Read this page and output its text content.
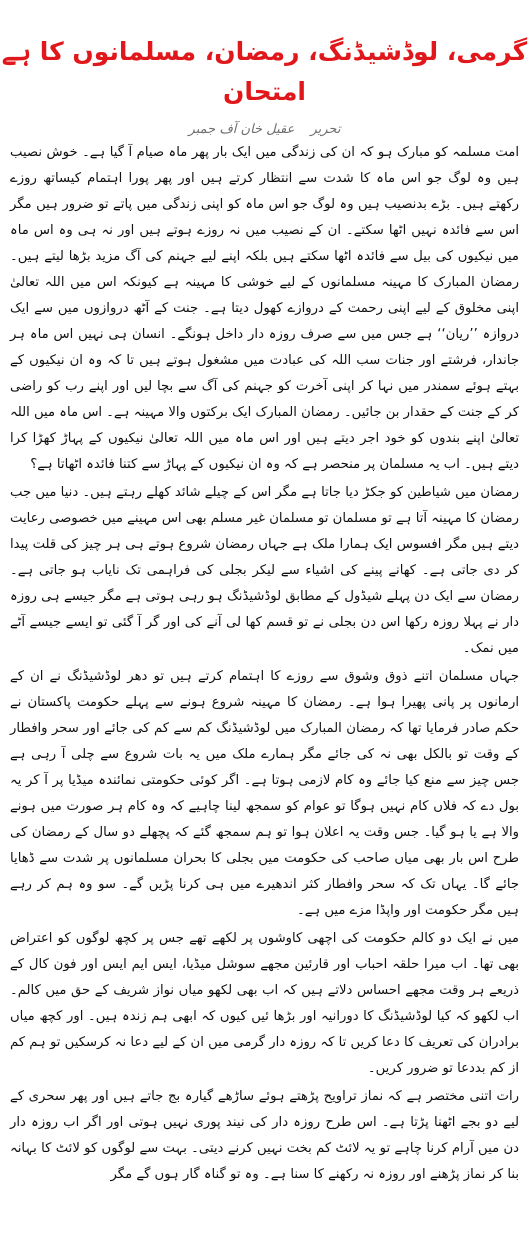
گرمی، لوڈشیڈنگ، رمضان، مسلمانوں کا ہے امتحان
تحریر عقیل خان آف جمبر

امت مسلمہ کو مبارک ہو کہ ان کی زندگی میں ایک بار پھر ماہ صیام آ گیا ہے۔ خوش نصیب ہیں وہ لوگ جو اس ماہ کا شدت سے انتظار کرتے ہیں اور پھر پورا اہتمام کیساتھ روزے رکھتے ہیں۔ بڑے بدنصیب ہیں وہ لوگ جو اس ماہ کو اپنی زندگی میں پاتے تو ضرور ہیں مگر اس سے فائدہ نہیں اٹھا سکتے۔ ان کے نصیب میں نہ روزے ہوتے ہیں اور نہ ہی وہ اس ماہ میں نیکیوں کی بیل سے فائدہ اٹھا سکتے ہیں بلکہ اپنے لیے جہنم کی آگ مزید بڑھا لیتے ہیں۔ رمضان المبارک کا مہینہ مسلمانوں کے لیے خوشی کا مہینہ ہے کیونکہ اس میں اللہ تعالیٰ اپنی مخلوق کے لیے اپنی رحمت کے دروازے کھول دیتا ہے۔ جنت کے آٹھ دروازوں میں سے ایک دروازہ ’’ریان‘‘ ہے جس میں سے صرف روزہ دار داخل ہونگے۔ انسان ہی نہیں اس ماہ ہر جاندار، فرشتے اور جنات سب اللہ کی عبادت میں مشغول ہوتے ہیں تا کہ وہ ان نیکیوں کے بہتے ہوئے سمندر میں نہا کر اپنی آخرت کو جہنم کی آگ سے بچا لیں اور اپنے رب کو راضی کر کے جنت کے حقدار بن جائیں۔ رمضان المبارک ایک برکتوں والا مہینہ ہے۔ اس ماہ میں اللہ تعالیٰ اپنے بندوں کو خود اجر دیتے ہیں اور اس ماہ میں اللہ تعالیٰ نیکیوں کے پہاڑ کھڑا کرا دیتے ہیں۔ اب یہ مسلمان پر منحصر ہے کہ وہ ان نیکیوں کے پہاڑ سے کتنا فائدہ اٹھاتا ہے؟

رمضان میں شیاطین کو جکڑ دیا جاتا ہے مگر اس کے چیلے شائد کھلے رہتے ہیں۔ دنیا میں جب رمضان کا مہینہ آتا ہے تو مسلمان تو مسلمان غیر مسلم بھی اس مہینے میں خصوصی رعایت دیتے ہیں مگر افسوس ایک ہمارا ملک ہے جہاں رمضان شروع ہوتے ہی ہر چیز کی قلت پیدا کر دی جاتی ہے۔ کھانے پینے کی اشیاء سے لیکر بجلی کی فراہمی تک نایاب ہو جاتی ہے۔ رمضان سے ایک دن پہلے شیڈول کے مطابق لوڈشیڈنگ ہو رہی ہوتی ہے مگر جیسے ہی روزہ دار نے پہلا روزہ رکھا اس دن بجلی نے تو قسم کھا لی آنے کی اور گر آ گئی تو ایسے جیسے آٹے میں نمک۔

جہاں مسلمان اتنے ذوق وشوق سے روزے کا اہتمام کرتے ہیں تو دھر لوڈشیڈنگ نے ان کے ارمانوں پر پانی پھیرا ہوا ہے۔ رمضان کا مہینہ شروع ہونے سے پہلے حکومت پاکستان نے حکم صادر فرمایا تھا کہ رمضان المبارک میں لوڈشیڈنگ کم سے کم کی جائے اور سحر وافطار کے وقت تو بالکل بھی نہ کی جائے مگر ہمارے ملک میں یہ بات شروع سے چلی آ رہی ہے جس چیز سے منع کیا جائے وہ کام لازمی ہوتا ہے۔ اگر کوئی حکومتی نمائندہ میڈیا پر آ کر یہ بول دے کہ فلاں کام نہیں ہوگا تو عوام کو سمجھ لینا چاہیے کہ وہ کام ہر صورت میں ہونے والا ہے یا ہو گیا۔ جس وقت یہ اعلان ہوا تو ہم سمجھ گئے کہ پچھلے دو سال کے رمضان کی طرح اس بار بھی میاں صاحب کی حکومت میں بجلی کا بحران مسلمانوں پر شدت سے ڈھایا جائے گا۔ یہاں تک کہ سحر وافطار کثر اندھیرے میں ہی کرنا پڑیں گے۔ سو وہ ہم کر رہے ہیں مگر حکومت اور واپڈا مزے میں ہے۔

میں نے ایک دو کالم حکومت کی اچھی کاوشوں پر لکھے تھے جس پر کچھ لوگوں کو اعتراض بھی تھا۔ اب میرا حلقہ احباب اور قارئین مجھے سوشل میڈیا، ایس ایم ایس اور فون کال کے ذریعے ہر وقت مجھے احساس دلاتے ہیں کہ اب بھی لکھو میاں نواز شریف کے حق میں کالم۔ اب لکھو کہ کیا لوڈشیڈنگ کا دورانیہ اور بڑھا ئیں کیوں کہ ابھی ہم زندہ ہیں۔ اور کچھ میاں برادران کی تعریف کا دعا کریں تا کہ روزہ دار گرمی میں ان کے لیے دعا نہ کرسکیں تو ہم کم از کم بددعا تو ضرور کریں۔

رات اتنی مختصر ہے کہ نماز تراویح پڑھتے ہوئے ساڑھے گیارہ بج جاتے ہیں اور پھر سحری کے لیے دو بجے اٹھنا پڑتا ہے۔ اس طرح روزہ دار کی نیند پوری نہیں ہوتی اور اگر اب روزہ دار دن میں آرام کرنا چاہے تو یہ لائٹ کم بخت نہیں کرنے دیتی۔ بہت سے لوگوں کو لائٹ کا بہانہ بنا کر نماز پڑھنے اور روزہ نہ رکھنے کا سنا ہے۔ وہ تو گناہ گار ہوں گے مگر
